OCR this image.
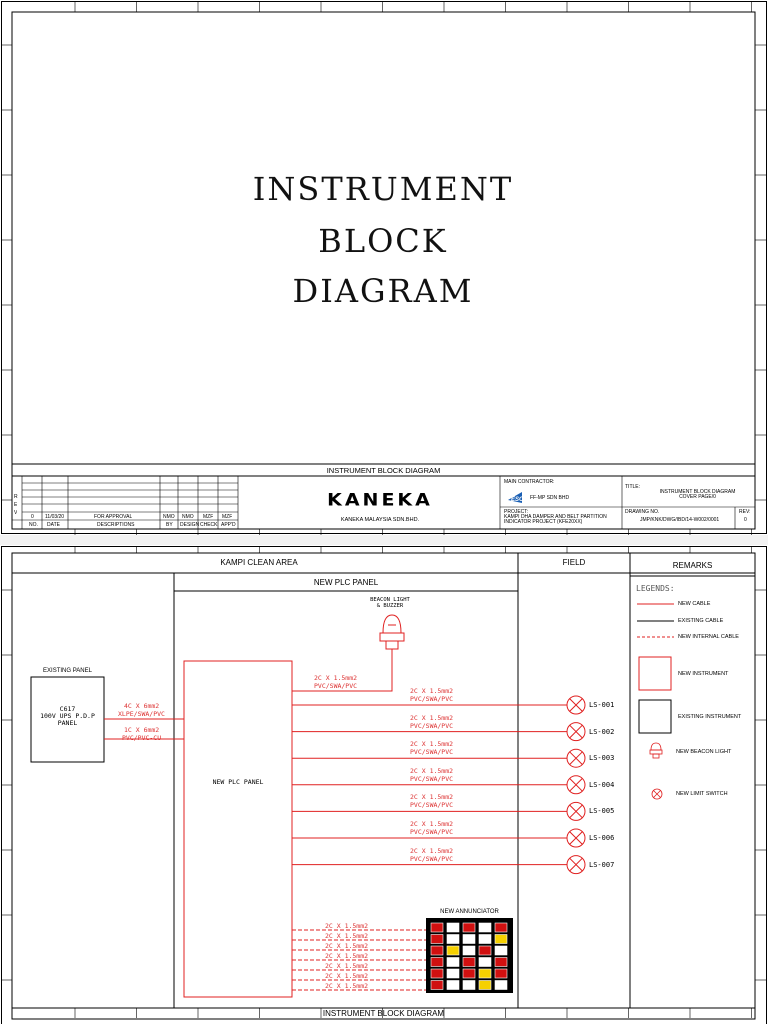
ESC
INSTRUMENT
BLOCK
DIAGRAM
INSTRUMENT BLOCK DIAGRAM
R
E
V
0 11/03/20	FOR APPROVAL	NMO NMO MZF MZF
NO. DATE	DESCRIPTIONS	BY DESIGN CHECK APP'D
KANEKA
KANEKA MALAYSIA SDN.BHD.
MAIN CONTRACTOR:
FF-MP SDN BHD
PROJECT:
KAMPI DHA DAMPER AND BELT PARTITION
INDICATOR PROJECT (KFE20XX)
TITLE:
INSTRUMENT BLOCK DIAGRAM
COVER PAGE/0
DRAWING NO.
JMP/KNK/DWG/IBD/14-W002/0001
REV:
0
KAMPI CLEAN AREA
NEW PLC PANEL
FIELD	REMARKS
EXISTING PANEL
C617
100V UPS P.D.P
PANEL
NEW PLC PANEL
BEACON LIGHT
& BUZZER
2C X 1.5mm2
PVC/SWA/PVC
4C X 6mm2
XLPE/SWA/PVC
1C X 6mm2
PVC/PVC-CU
2C X 1.5mm2
PVC/SWA/PVC
LS-001
2C X 1.5mm2
PVC/SWA/PVC
LS-002
2C X 1.5mm2
PVC/SWA/PVC
LS-003
2C X 1.5mm2
PVC/SWA/PVC
LS-004
2C X 1.5mm2
PVC/SWA/PVC
LS-005
2C X 1.5mm2
PVC/SWA/PVC
LS-006
2C X 1.5mm2
PVC/SWA/PVC
LS-007
2C X 1.5mm2
2C X 1.5mm2
2C X 1.5mm2
2C X 1.5mm2
2C X 1.5mm2
2C X 1.5mm2
2C X 1.5mm2
NEW ANNUNCIATOR
LEGENDS:
NEW CABLE
EXISTING CABLE
NEW INTERNAL CABLE
NEW INSTRUMENT
EXISTING INSTRUMENT
NEW BEACON LIGHT
NEW LIMIT SWITCH
INSTRUMENT BLOCK DIAGRAM
